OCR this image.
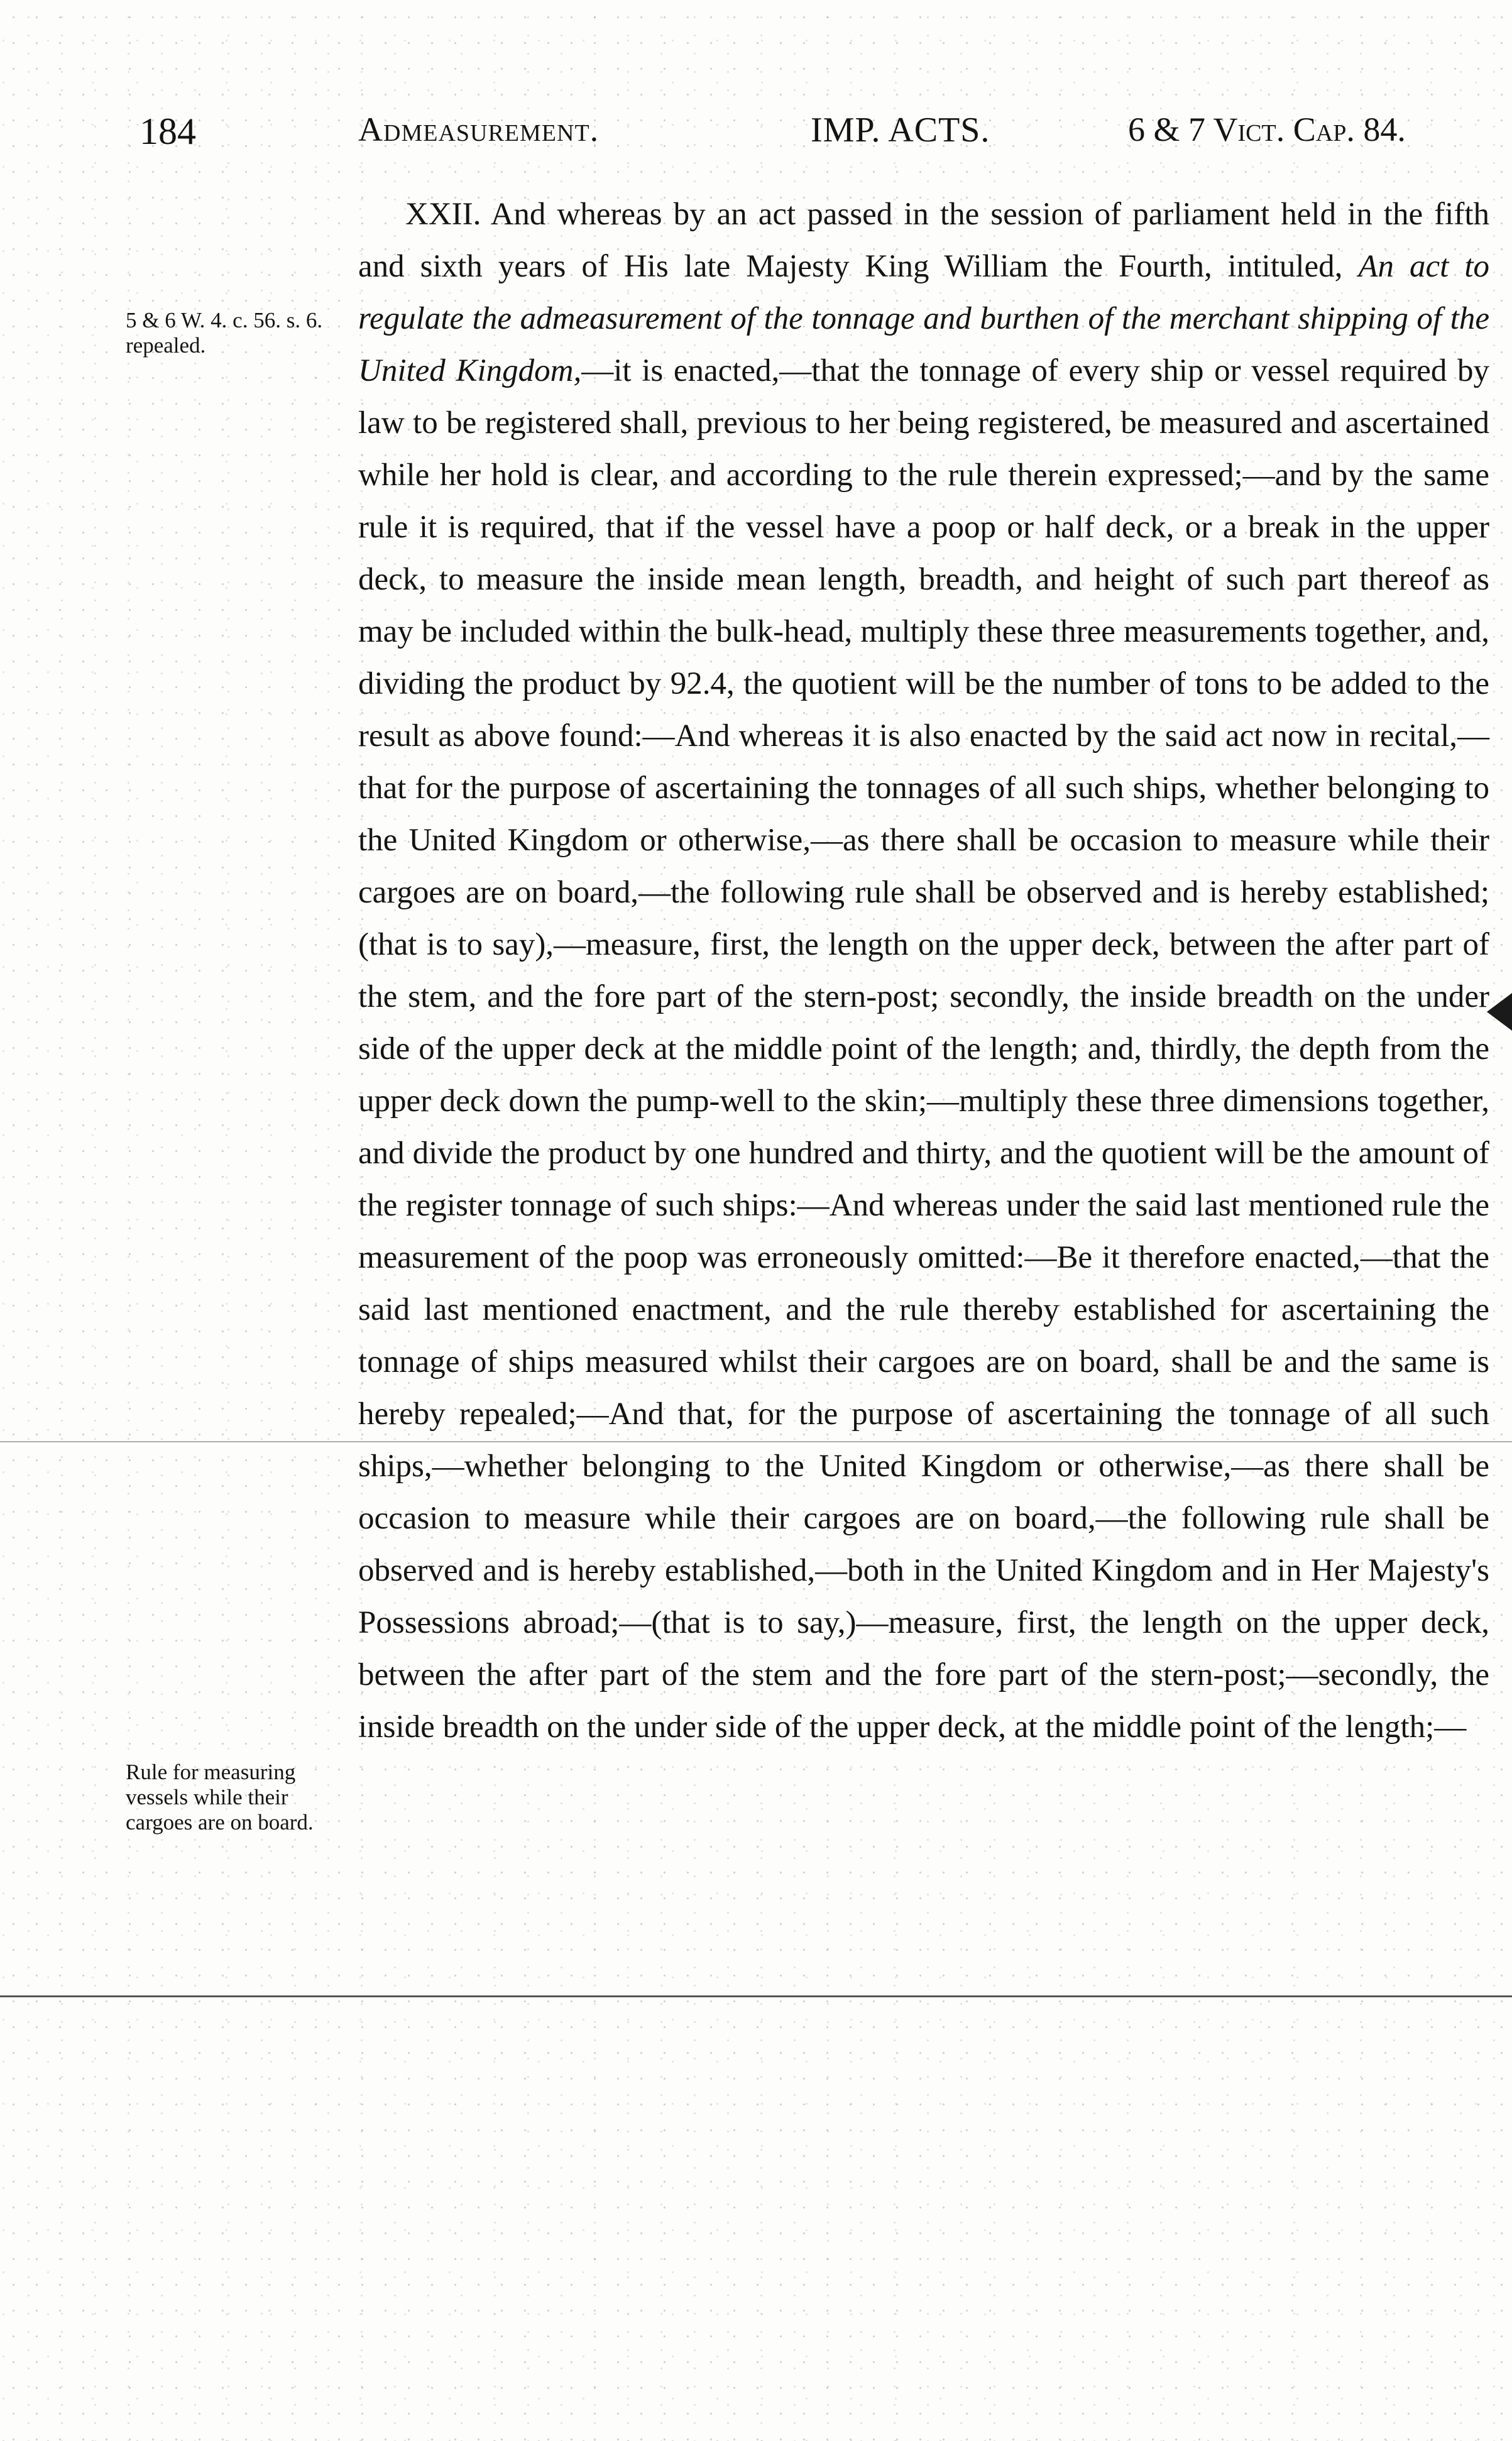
184	Admeasurement.	IMP. ACTS.	6 & 7 Vict. Cap. 84.
5 & 6 W. 4. c. 56. s. 6. repealed.
Rule for measuring vessels while their cargoes are on board.

XXII. And whereas by an act passed in the session of parliament held in the fifth and sixth years of His late Majesty King William the Fourth, intituled, An act to regulate the admeasurement of the tonnage and burthen of the merchant shipping of the United Kingdom,—it is enacted,—that the tonnage of every ship or vessel required by law to be registered shall, previous to her being registered, be measured and ascertained while her hold is clear, and according to the rule therein expressed;—and by the same rule it is required, that if the vessel have a poop or half deck, or a break in the upper deck, to measure the inside mean length, breadth, and height of such part thereof as may be included within the bulk-head, multiply these three measurements together, and, dividing the product by 92.4, the quotient will be the number of tons to be added to the result as above found:—And whereas it is also enacted by the said act now in recital,—that for the purpose of ascertaining the tonnages of all such ships, whether belonging to the United Kingdom or otherwise,—as there shall be occasion to measure while their cargoes are on board,—the following rule shall be observed and is hereby established; (that is to say),—measure, first, the length on the upper deck, between the after part of the stem, and the fore part of the stern-post; secondly, the inside breadth on the under side of the upper deck at the middle point of the length; and, thirdly, the depth from the upper deck down the pump-well to the skin;—multiply these three dimensions together, and divide the product by one hundred and thirty, and the quotient will be the amount of the register tonnage of such ships:—And whereas under the said last mentioned rule the measurement of the poop was erroneously omitted:—Be it therefore enacted,—that the said last mentioned enactment, and the rule thereby established for ascertaining the tonnage of ships measured whilst their cargoes are on board, shall be and the same is hereby repealed;—And that, for the purpose of ascertaining the tonnage of all such ships,—whether belonging to the United Kingdom or otherwise,—as there shall be occasion to measure while their cargoes are on board,—the following rule shall be observed and is hereby established,—both in the United Kingdom and in Her Majesty's Possessions abroad;—(that is to say,)—measure, first, the length on the upper deck, between the after part of the stem and the fore part of the stern-post;—secondly, the inside breadth on the under side of the upper deck, at the middle point of the length;—
